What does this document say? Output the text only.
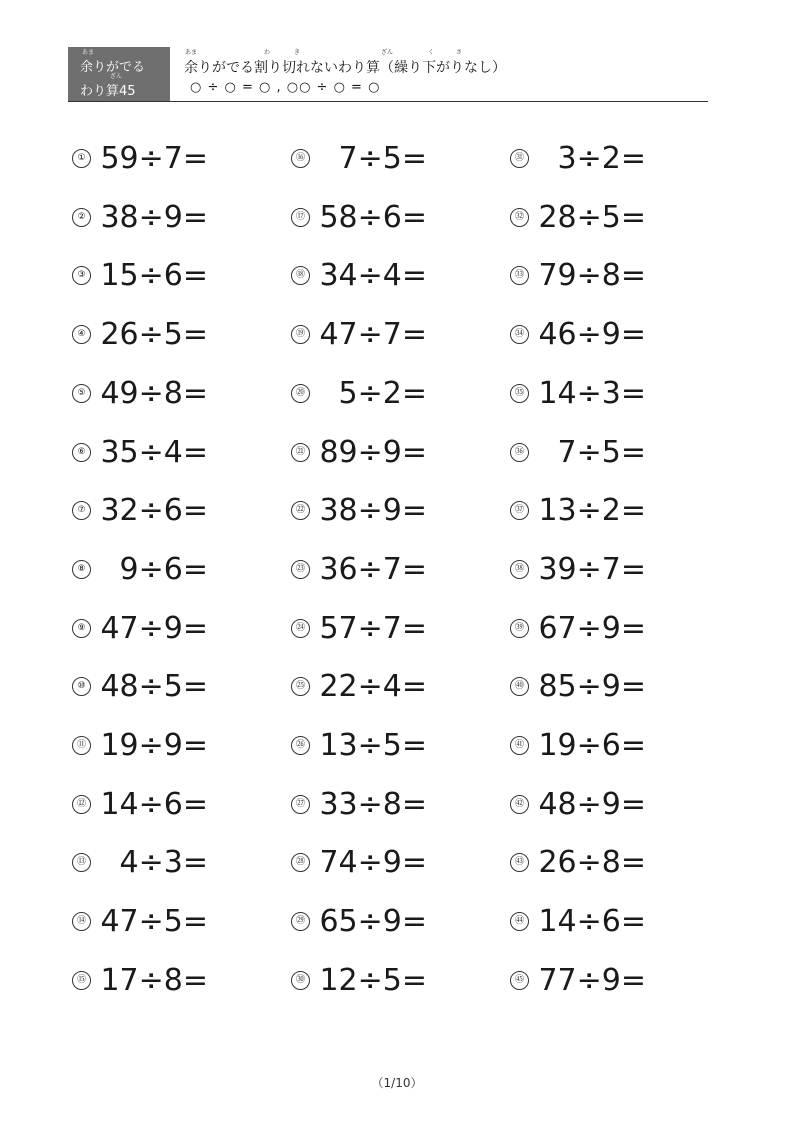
あま
余りがでる
ざん
わり算45
あま	わ	き	ざん	く	さ
余りがでる割り切れないわり算（繰り下がりなし）
○ ÷ ○ = ○ , ○○ ÷ ○ = ○
① 59÷7=
② 38÷9=
③ 15÷6=
④ 26÷5=
⑤ 49÷8=
⑥ 35÷4=
⑦ 32÷6=
⑧	9÷6=
⑨ 47÷9=
⑩ 48÷5=
⑪ 19÷9=
⑫ 14÷6=
⑬	4÷3=
⑭ 47÷5=
⑮ 17÷8=
⑯	7÷5=
⑰ 58÷6=
⑱ 34÷4=
⑲ 47÷7=
⑳	5÷2=
㉑ 89÷9=
㉒ 38÷9=
㉓ 36÷7=
㉔ 57÷7=
㉕ 22÷4=
㉖ 13÷5=
㉗ 33÷8=
㉘ 74÷9=
㉙ 65÷9=
㉚ 12÷5=
㉛	3÷2=
㉜ 28÷5=
㉝ 79÷8=
㉞ 46÷9=
㉟ 14÷3=
㊱	7÷5=
㊲ 13÷2=
㊳ 39÷7=
㊴ 67÷9=
㊵ 85÷9=
㊶ 19÷6=
㊷ 48÷9=
㊸ 26÷8=
㊹ 14÷6=
㊺ 77÷9=
（1/10）
